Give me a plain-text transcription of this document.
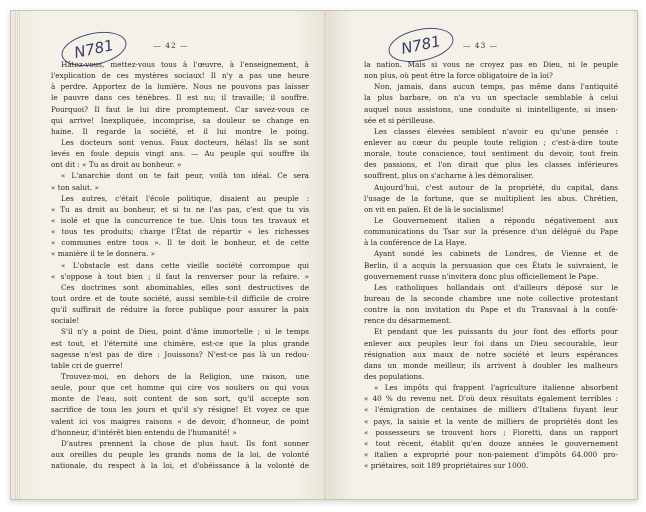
N781	— 42 —
Hâtez-vous, mettez-vous tous à l'œuvre, à l'enseignement, à
l'explication de ces mystères sociaux! Il n'y a pas une heure
à perdre. Apportez de la lumière. Nous ne pouvons pas laisser
le pauvre dans ces ténèbres. Il est nu; il travaille; il souffre.
Pourquoi? Il faut le lui dire promptement. Car savez-vous ce
qui arrive! Inexpliquée, incomprise, sa douleur se change en
haine. Il regarde la société, et il lui montre le poing.
Les docteurs sont venus. Faux docteurs, hélas! Ils se sont
levés en foule depuis vingt ans. — Au peuple qui souffre ils
ont dit : « Tu as droit au bonheur. »
« L'anarchie dont on te fait peur, voilà ton idéal. Ce sera
« ton salut. »
Les autres, c'était l'école politique, disaient au peuple :
« Tu as droit au bonheur, et si tu ne l'as pas, c'est que tu vis
« isolé et que la concurrence te tue. Unis tous tes travaux et
« tous tes produits; charge l'État de répartir « les richesses
« communes entre tous ». Il te doit le bonheur, et de cette
« manière il te le donnera. »
« L'obstacle est dans cette vieille société corrompue qui
« s'oppose à tout bien ; il faut la renverser pour la refaire. »
Ces doctrines sont abominables, elles sont destructives de
tout ordre et de toute société, aussi semble-t-il difficile de croire
qu'il suffirait de réduire la force publique pour assurer la paix
sociale!
S'il n'y a point de Dieu, point d'âme immortelle ; si le temps
est tout, et l'éternité une chimère, est-ce que la plus grande
sagesse n'est pas de dire : Jouissons? N'est-ce pas là un redou-
table cri de guerre!
Trouvez-moi, en dehors de la Religion, une raison, une
seule, pour que cet homme qui cire vos souliers ou qui vous
monte de l'eau, soit content de son sort, qu'il accepte son
sacrifice de tous les jours et qu'il s'y résigne! Et voyez ce que
valent ici vos maigres raisons « de devoir, d'honneur, de point
d'honneur, d'intérêt bien entendu de l'humanité! »
D'autres prennent la chose de plus haut. Ils font sonner
aux oreilles du peuple les grands noms de la loi, de volonté
nationale, du respect à la loi, et d'obéissance à la volonté de
N781	— 43 —
la nation. Mais si vous ne croyez pas en Dieu, ni le peuple
non plus, où peut être la force obligatoire de la loi?
Non, jamais, dans aucun temps, pas même dans l'antiquité
la plus barbare, on n'a vu un spectacle semblable à celui
auquel nous assistons, une conduite si inintelligente, si insen-
sée et si périlleuse.
Les classes élevées semblent n'avoir eu qu'une pensée :
enlever au cœur du peuple toute religion ; c'est-à-dire toute
morale, toute conscience, tout sentiment du devoir, tout frein
des passions, et l'on dirait que plus les classes inférieures
souffrent, plus on s'acharne à les démoraliser.
Aujourd'hui, c'est autour de la propriété, du capital, dans
l'usage de la fortune, que se multiplient les abus. Chrétien,
on vit en païen. Et de là le socialisme!
Le Gouvernement italien a répondu négativement aux
communications du Tsar sur la présence d'un délégué du Pape
à la conférence de La Haye.
Ayant sondé les cabinets de Londres, de Vienne et de
Berlin, il a acquis la persuasion que ces États le suivraient, le
gouvernement russe n'invitera donc plus officiellement le Pape.
Les catholiques hollandais ont d'ailleurs déposé sur le
bureau de la seconde chambre une note collective protestant
contre la non invitation du Pape et du Transvaal à la confé-
rence du désarmement.
Et pendant que les puissants du jour font des efforts pour
enlever aux peuples leur foi dans un Dieu secourable, leur
résignation aux maux de notre société et leurs espérances
dans un monde meilleur, ils arrivent à doubler les malheurs
des populations.
« Les impôts qui frappent l'agriculture italienne absorbent
« 40 % du revenu net. D'où deux résultats également terribles :
« l'émigration de centaines de milliers d'Italiens fuyant leur
« pays, la saisie et la vente de milliers de propriétés dont les
« possesseurs se trouvent hors ; Fioretti, dans un rapport
« tout récent, établit qu'en douze années le gouvernement
« italien a exproprié pour non-paiement d'impôts 64.000 pro-
« priétaires, soit 189 propriétaires sur 1000.
